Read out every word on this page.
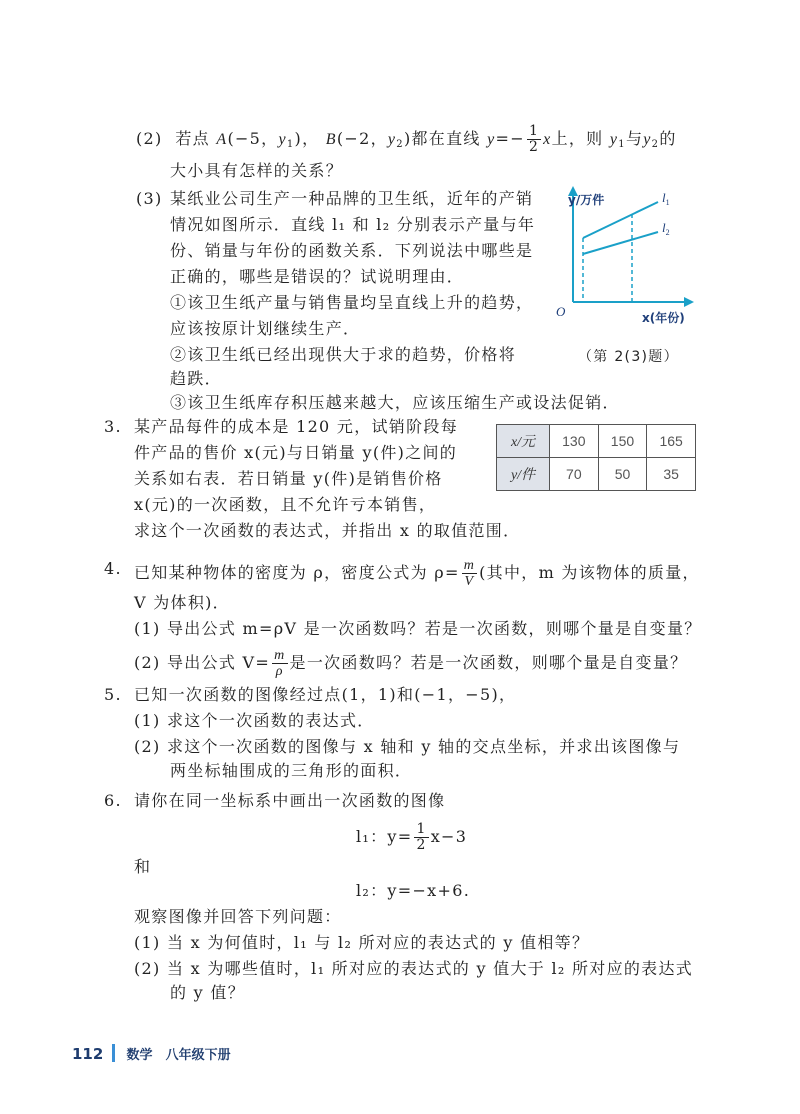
(2) 若点 A(−5，$y_1$)， B(−2，$y_2$)都在直线 $y=- \frac{1}{2}$ x上，则 $y_1$与$y_2$的
大小具有怎样的关系？
(3) 某纸业公司生产一种品牌的卫生纸，近年的产销
情况如图所示．直线 l₁ 和 l₂ 分别表示产量与年
份、销量与年份的函数关系．下列说法中哪些是
正确的，哪些是错误的？试说明理由．
①该卫生纸产量与销售量均呈直线上升的趋势，
应该按原计划继续生产．
②该卫生纸已经出现供大于求的趋势，价格将
趋跌．
③该卫生纸库存积压越来越大，应该压缩生产或设法促销．
y/万件
O	x(年份)
$l_1$
$l_2$
（第 2(3)题）
3. 某产品每件的成本是 120 元，试销阶段每
件产品的售价 x(元)与日销量 y(件)之间的
关系如右表．若日销量 y(件)是销售价格
x(元)的一次函数，且不允许亏本销售，
求这个一次函数的表达式，并指出 x 的取值范围．
x/元	130	150	165
y/件	70	50	35
4. 已知某种物体的密度为 ρ，密度公式为 $\rho= \frac{m}{V}$ (其中，m 为该物体的质量，
V 为体积)．
(1) 导出公式 m=ρV 是一次函数吗？若是一次函数，则哪个量是自变量？
(2) 导出公式 $V= \frac{m}{\rho}$ 是一次函数吗？若是一次函数，则哪个量是自变量？
5. 已知一次函数的图像经过点(1，1)和(−1，−5)，
(1) 求这个一次函数的表达式．
(2) 求这个一次函数的图像与 x 轴和 y 轴的交点坐标，并求出该图像与
两坐标轴围成的三角形的面积．
6. 请你在同一坐标系中画出一次函数的图像
l₁：$y= \frac{1}{2} x-3$
和
l₂：y=−x+6.
观察图像并回答下列问题：
(1) 当 x 为何值时，l₁ 与 l₂ 所对应的表达式的 y 值相等？
(2) 当 x 为哪些值时，l₁ 所对应的表达式的 y 值大于 l₂ 所对应的表达式
的 y 值？
112 数学 八年级下册
